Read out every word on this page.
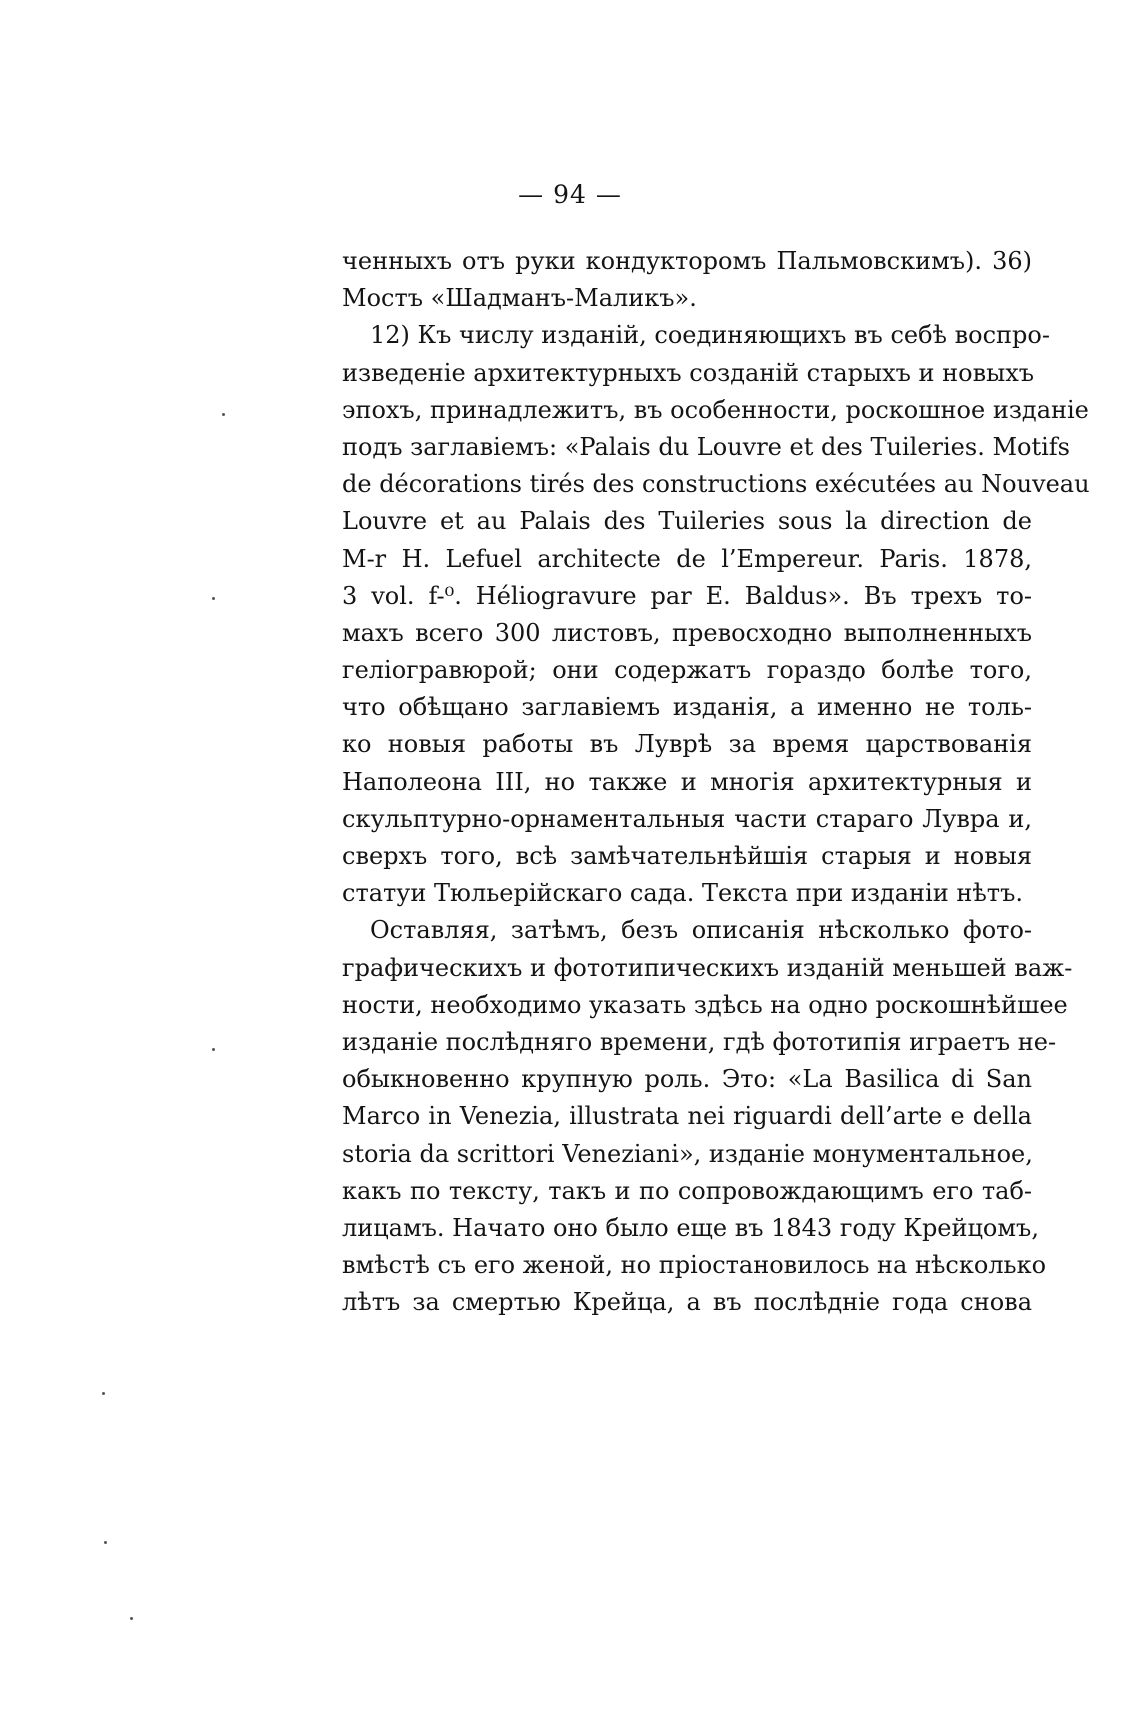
— 94 —
ченныхъ отъ руки кондукторомъ Пальмовскимъ). 36)
Мостъ «Шадманъ-Маликъ».
12) Къ числу изданій, соединяющихъ въ себѣ воспро-
изведеніе архитектурныхъ созданій старыхъ и новыхъ
эпохъ, принадлежитъ, въ особенности, роскошное изданіе
подъ заглавіемъ: «Palais du Louvre et des Tuileries. Motifs
de décorations tirés des constructions exécutées au Nouveau
Louvre et au Palais des Tuileries sous la direction de
M-r H. Lefuel architecte de l’Empereur. Paris. 1878,
3 vol. f-⁰. Héliogravure par E. Baldus». Въ трехъ то-
махъ всего 300 листовъ, превосходно выполненныхъ
геліогравюрой; они содержатъ гораздо болѣе того,
что обѣщано заглавіемъ изданія, а именно не толь-
ко новыя работы въ Луврѣ за время царствованія
Наполеона III, но также и многія архитектурныя и
скульптурно-орнаментальныя части стараго Лувра и,
сверхъ того, всѣ замѣчательнѣйшія старыя и новыя
статуи Тюльерійскаго сада. Текста при изданіи нѣтъ.
Оставляя, затѣмъ, безъ описанія нѣсколько фото-
графическихъ и фототипическихъ изданій меньшей важ-
ности, необходимо указать здѣсь на одно роскошнѣйшее
изданіе послѣдняго времени, гдѣ фототипія играетъ не-
обыкновенно крупную роль. Это: «La Basilica di San
Marco in Venezia, illustrata nei riguardi dell’arte e della
storia da scrittori Veneziani», изданіе монументальное,
какъ по тексту, такъ и по сопровождающимъ его таб-
лицамъ. Начато оно было еще въ 1843 году Крейцомъ,
вмѣстѣ съ его женой, но пріостановилось на нѣсколько
лѣтъ за смертью Крейца, а въ послѣдніе года снова
